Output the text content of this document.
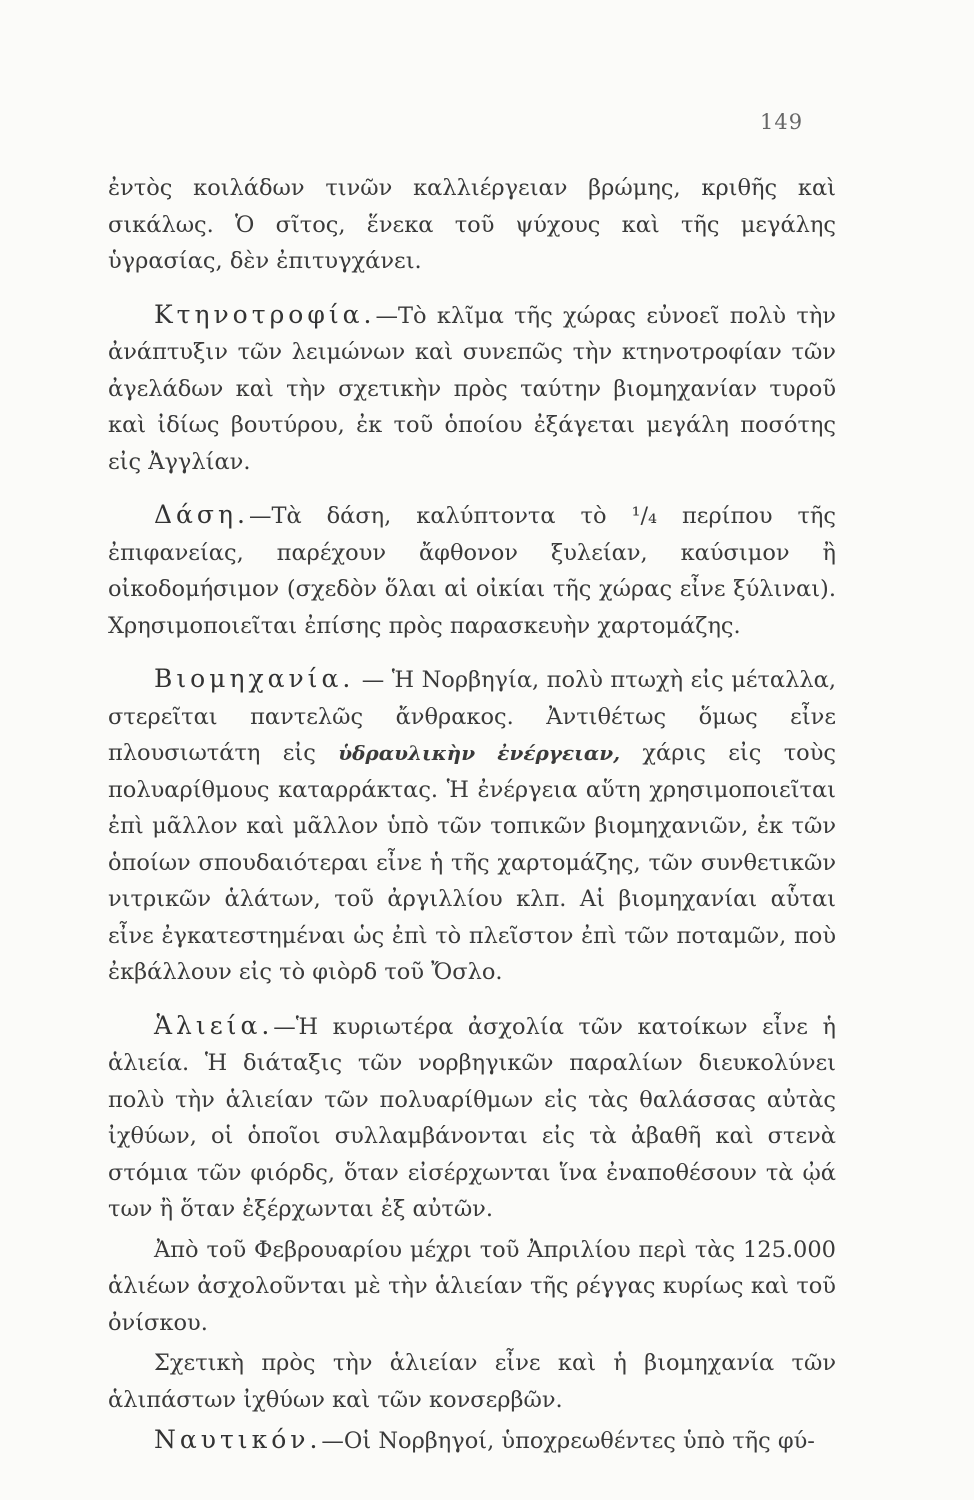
149

ἐντὸς κοιλάδων τινῶν καλλιέργειαν βρώμης, κριθῆς καὶ σικάλως. Ὁ σῖτος, ἕνεκα τοῦ ψύχους καὶ τῆς μεγάλης ὑγρασίας, δὲν ἐπιτυγχάνει.

Κτηνοτροφία.—Τὸ κλῖμα τῆς χώρας εὐνοεῖ πολὺ τὴν ἀνάπτυξιν τῶν λειμώνων καὶ συνεπῶς τὴν κτηνοτροφίαν τῶν ἀγελάδων καὶ τὴν σχετικὴν πρὸς ταύτην βιομηχανίαν τυροῦ καὶ ἰδίως βουτύρου, ἐκ τοῦ ὁποίου ἐξάγεται μεγάλη ποσότης εἰς Ἀγγλίαν.

Δάση.—Τὰ δάση, καλύπτοντα τὸ ¹/₄ περίπου τῆς ἐπιφανείας, παρέχουν ἄφθονον ξυλείαν, καύσιμον ἢ οἰκοδομήσιμον (σχεδὸν ὅλαι αἱ οἰκίαι τῆς χώρας εἶνε ξύλιναι). Χρησιμοποιεῖται ἐπίσης πρὸς παρασκευὴν χαρτομάζης.

Βιομηχανία. — Ἡ Νορβηγία, πολὺ πτωχὴ εἰς μέταλλα, στερεῖται παντελῶς ἄνθρακος. Ἀντιθέτως ὅμως εἶνε πλουσιωτάτη εἰς ὑδραυλικὴν ἐνέργειαν, χάρις εἰς τοὺς πολυαρίθμους καταρράκτας. Ἡ ἐνέργεια αὕτη χρησιμοποιεῖται ἐπὶ μᾶλλον καὶ μᾶλλον ὑπὸ τῶν τοπικῶν βιομηχανιῶν, ἐκ τῶν ὁποίων σπουδαιότεραι εἶνε ἡ τῆς χαρτομάζης, τῶν συνθετικῶν νιτρικῶν ἁλάτων, τοῦ ἀργιλλίου κλπ. Αἱ βιομηχανίαι αὗται εἶνε ἐγκατεστημέναι ὡς ἐπὶ τὸ πλεῖστον ἐπὶ τῶν ποταμῶν, ποὺ ἐκβάλλουν εἰς τὸ φιὸρδ τοῦ Ὄσλο.

Ἁλιεία.—Ἡ κυριωτέρα ἀσχολία τῶν κατοίκων εἶνε ἡ ἁλιεία. Ἡ διάταξις τῶν νορβηγικῶν παραλίων διευκολύνει πολὺ τὴν ἁλιείαν τῶν πολυαρίθμων εἰς τὰς θαλάσσας αὐτὰς ἰχθύων, οἱ ὁποῖοι συλλαμβάνονται εἰς τὰ ἀβαθῆ καὶ στενὰ στόμια τῶν φιόρδς, ὅταν εἰσέρχωνται ἵνα ἐναποθέσουν τὰ ᾠά των ἢ ὅταν ἐξέρχωνται ἐξ αὐτῶν.

Ἀπὸ τοῦ Φεβρουαρίου μέχρι τοῦ Ἀπριλίου περὶ τὰς 125.000 ἁλιέων ἀσχολοῦνται μὲ τὴν ἁλιείαν τῆς ρέγγας κυρίως καὶ τοῦ ὀνίσκου.

Σχετικὴ πρὸς τὴν ἁλιείαν εἶνε καὶ ἡ βιομηχανία τῶν ἁλιπάστων ἰχθύων καὶ τῶν κονσερβῶν.

Ναυτικόν.—Οἱ Νορβηγοί, ὑποχρεωθέντες ὑπὸ τῆς φύ-
